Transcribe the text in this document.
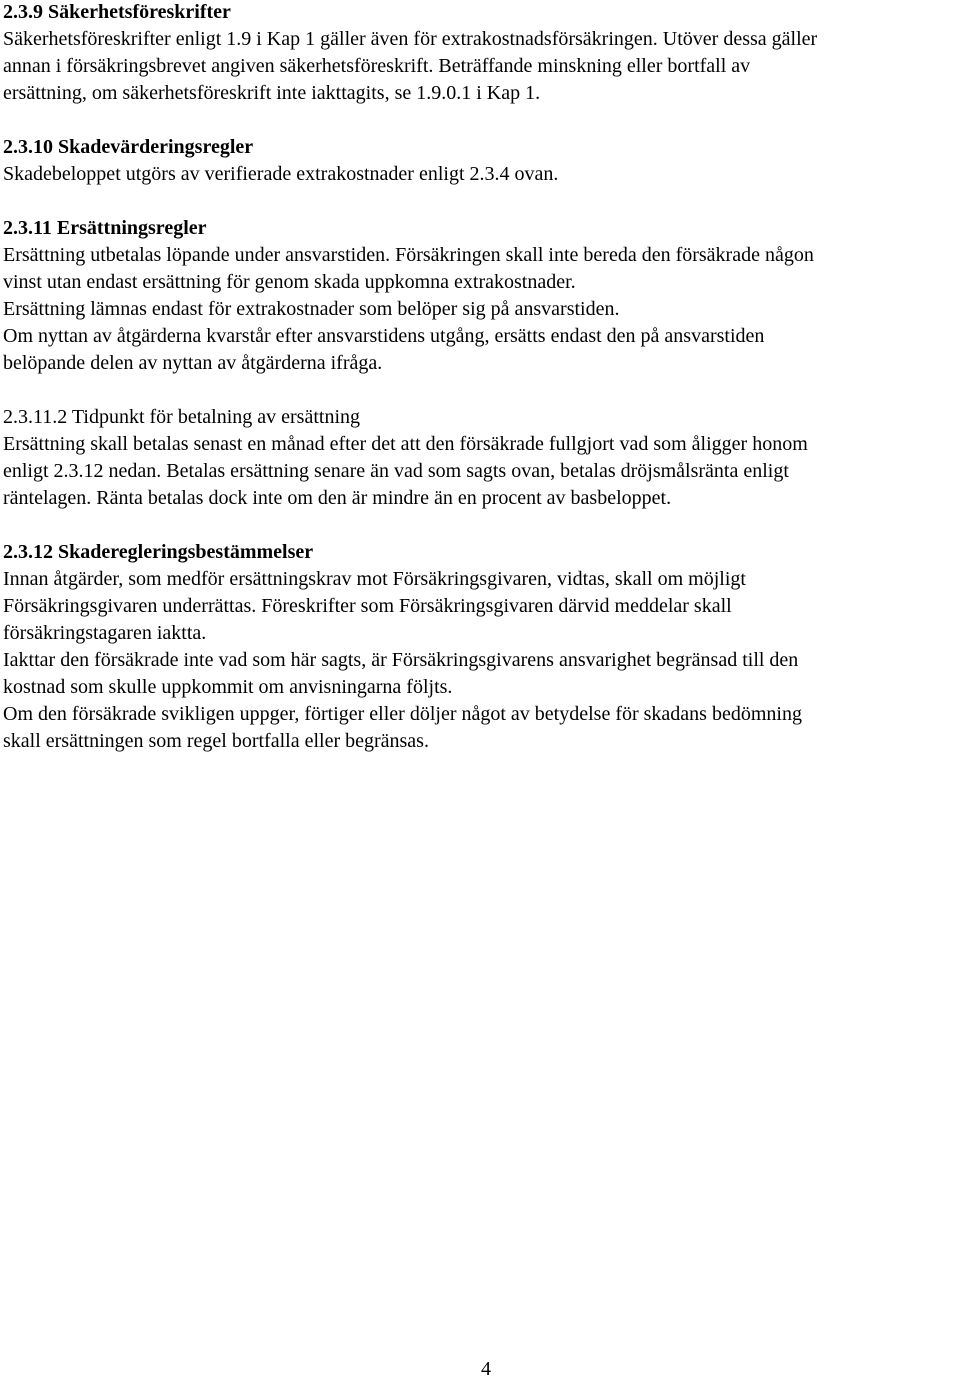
2.3.9 Säkerhetsföreskrifter
Säkerhetsföreskrifter enligt 1.9 i Kap 1 gäller även för extrakostnadsförsäkringen. Utöver dessa gäller
annan i försäkringsbrevet angiven säkerhetsföreskrift. Beträffande minskning eller bortfall av
ersättning, om säkerhetsföreskrift inte iakttagits, se 1.9.0.1 i Kap 1.
2.3.10 Skadevärderingsregler
Skadebeloppet utgörs av verifierade extrakostnader enligt 2.3.4 ovan.
2.3.11 Ersättningsregler
Ersättning utbetalas löpande under ansvarstiden. Försäkringen skall inte bereda den försäkrade någon
vinst utan endast ersättning för genom skada uppkomna extrakostnader.
Ersättning lämnas endast för extrakostnader som belöper sig på ansvarstiden.
Om nyttan av åtgärderna kvarstår efter ansvarstidens utgång, ersätts endast den på ansvarstiden
belöpande delen av nyttan av åtgärderna ifråga.
2.3.11.2 Tidpunkt för betalning av ersättning
Ersättning skall betalas senast en månad efter det att den försäkrade fullgjort vad som åligger honom
enligt 2.3.12 nedan. Betalas ersättning senare än vad som sagts ovan, betalas dröjsmålsränta enligt
räntelagen. Ränta betalas dock inte om den är mindre än en procent av basbeloppet.
2.3.12 Skaderegleringsbestämmelser
Innan åtgärder, som medför ersättningskrav mot Försäkringsgivaren, vidtas, skall om möjligt
Försäkringsgivaren underrättas. Föreskrifter som Försäkringsgivaren därvid meddelar skall
försäkringstagaren iaktta.
Iakttar den försäkrade inte vad som här sagts, är Försäkringsgivarens ansvarighet begränsad till den
kostnad som skulle uppkommit om anvisningarna följts.
Om den försäkrade svikligen uppger, förtiger eller döljer något av betydelse för skadans bedömning
skall ersättningen som regel bortfalla eller begränsas.
4
